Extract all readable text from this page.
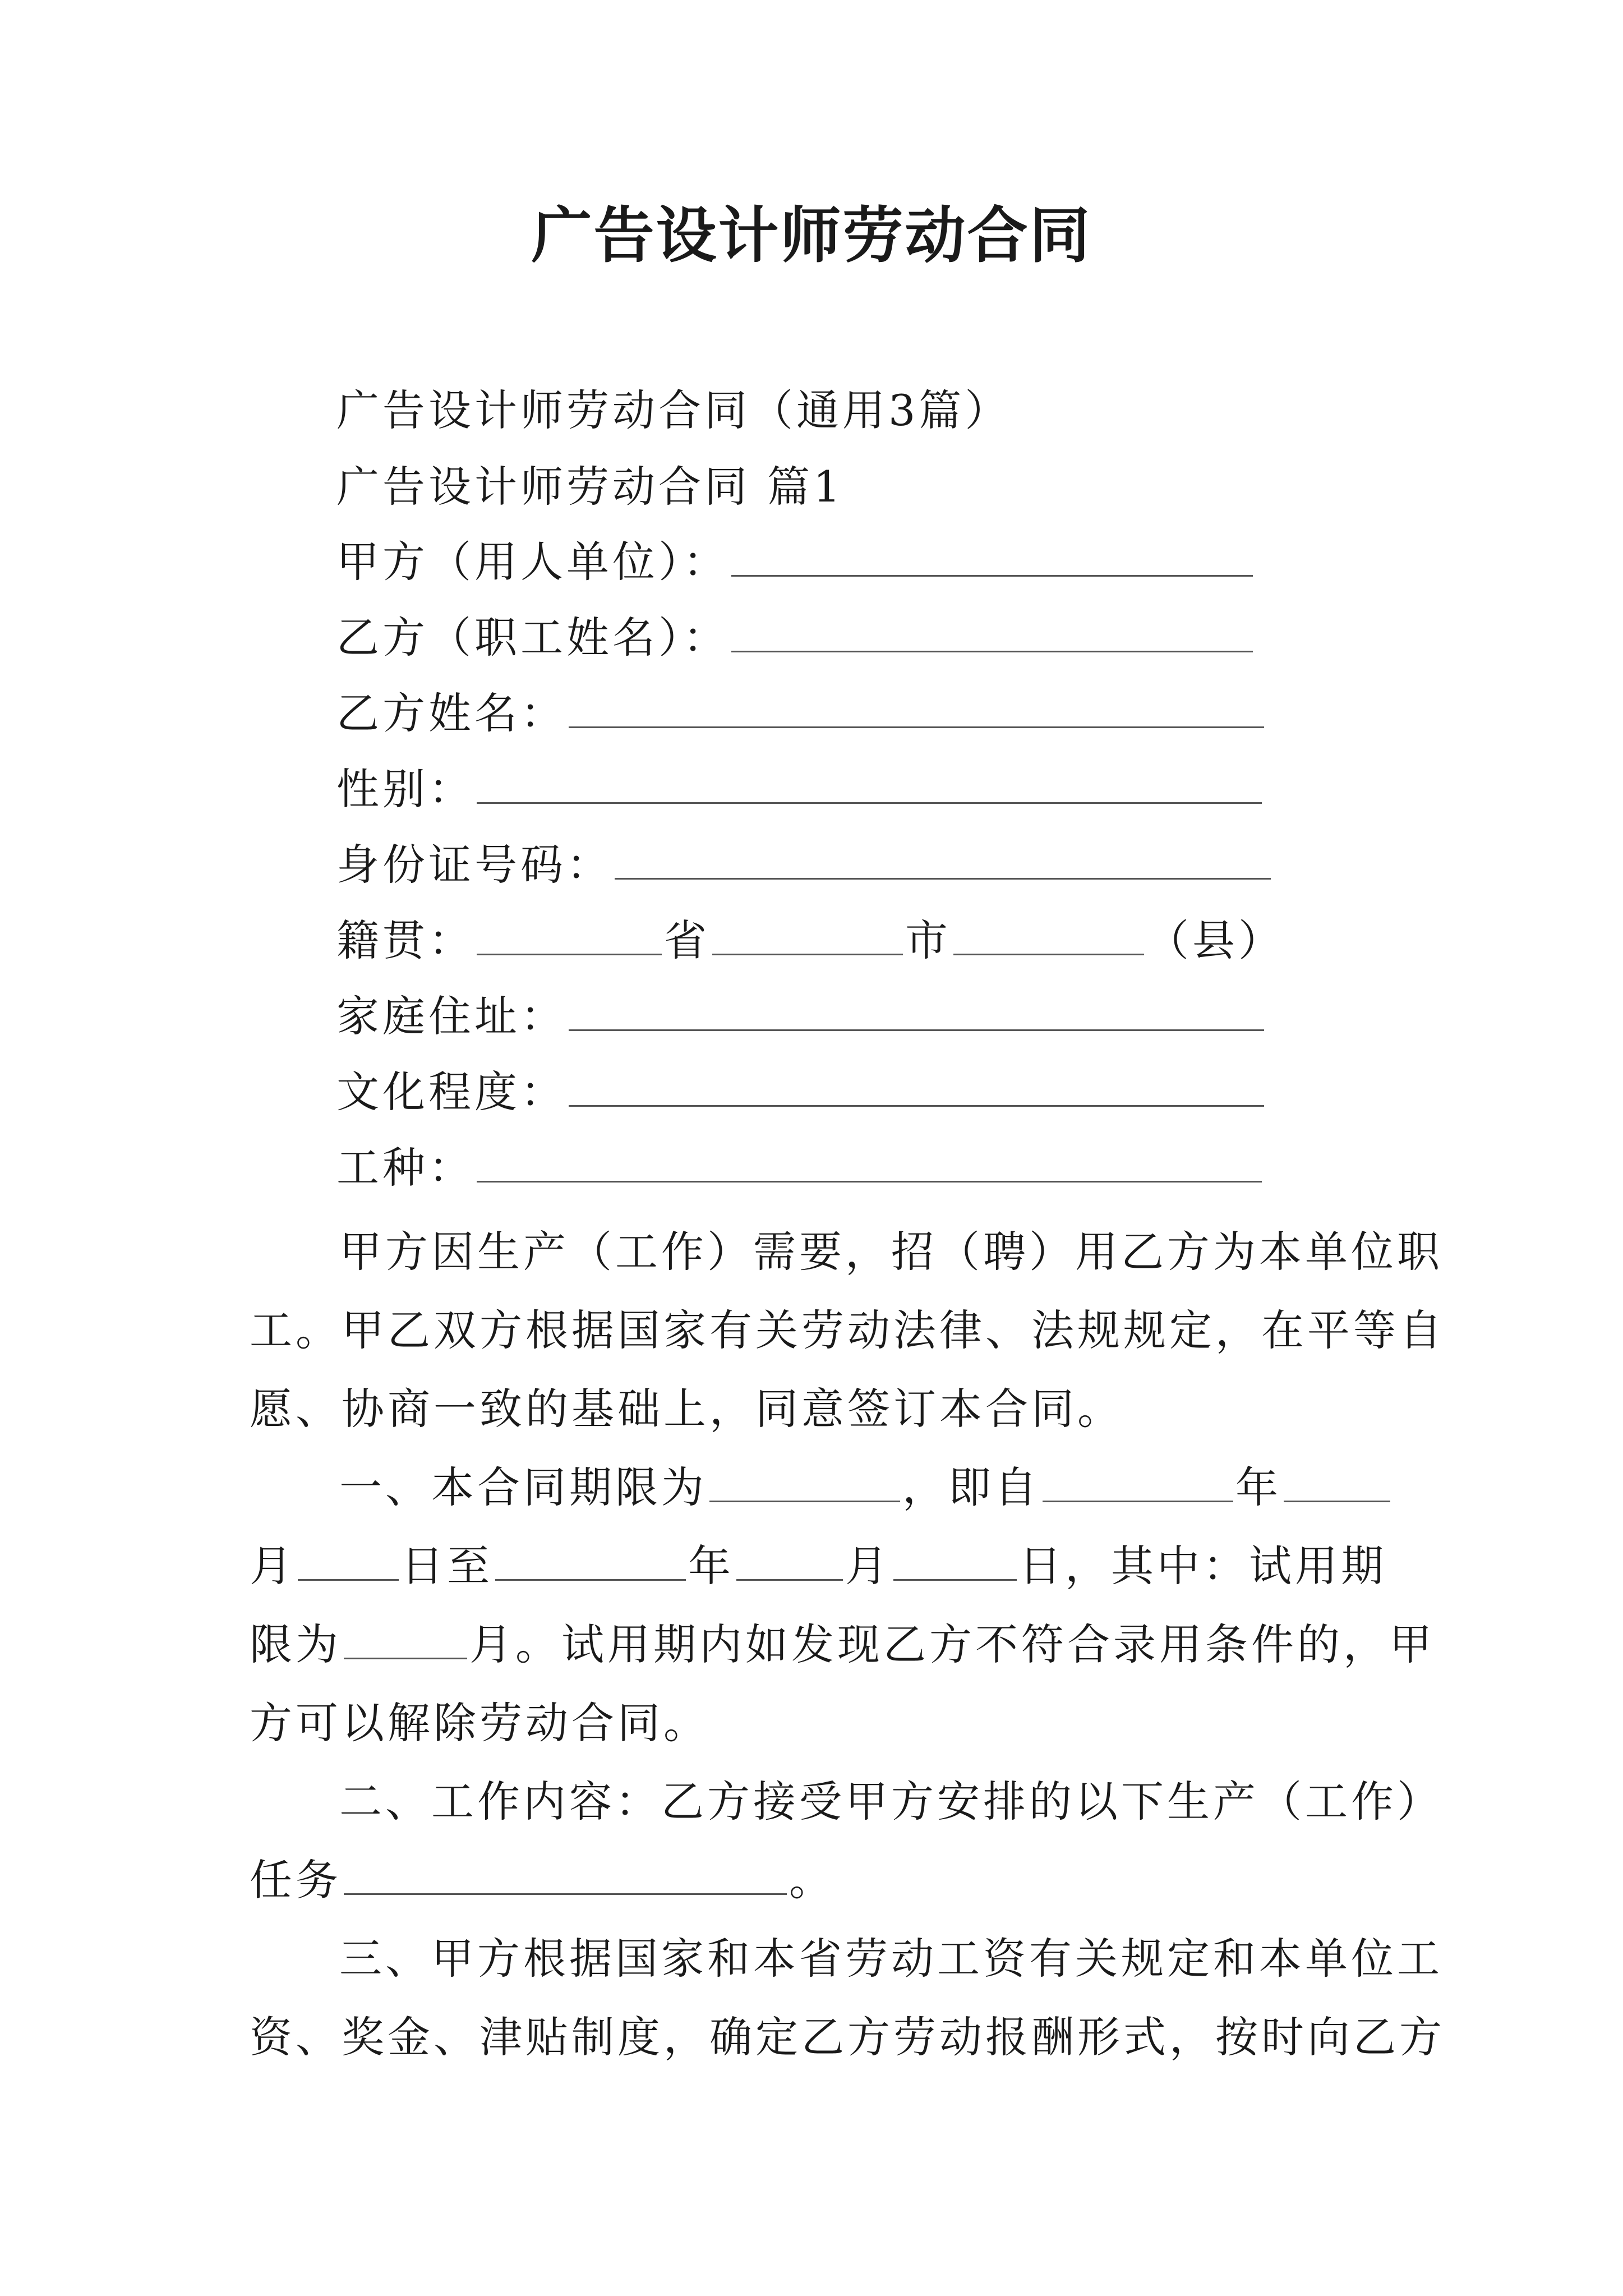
广告设计师劳动合同
广告设计师劳动合同（通用3篇）
广告设计师劳动合同 篇1
甲方（用人单位）：
乙方（职工姓名）：
乙方姓名：
性别：
身份证号码：
籍贯：	省	市	（县）
家庭住址：
文化程度：
工种：
甲方因生产（工作）需要，招（聘）用乙方为本单位职
工。甲乙双方根据国家有关劳动法律、法规规定，在平等自
愿、协商一致的基础上，同意签订本合同。
一、本合同期限为	，即自	年
月 日至	年	月	日，其中：试用期
限为	月。试用期内如发现乙方不符合录用条件的，甲
方可以解除劳动合同。
二、工作内容：乙方接受甲方安排的以下生产（工作）
任务	。
三、甲方根据国家和本省劳动工资有关规定和本单位工
资、奖金、津贴制度，确定乙方劳动报酬形式，按时向乙方
